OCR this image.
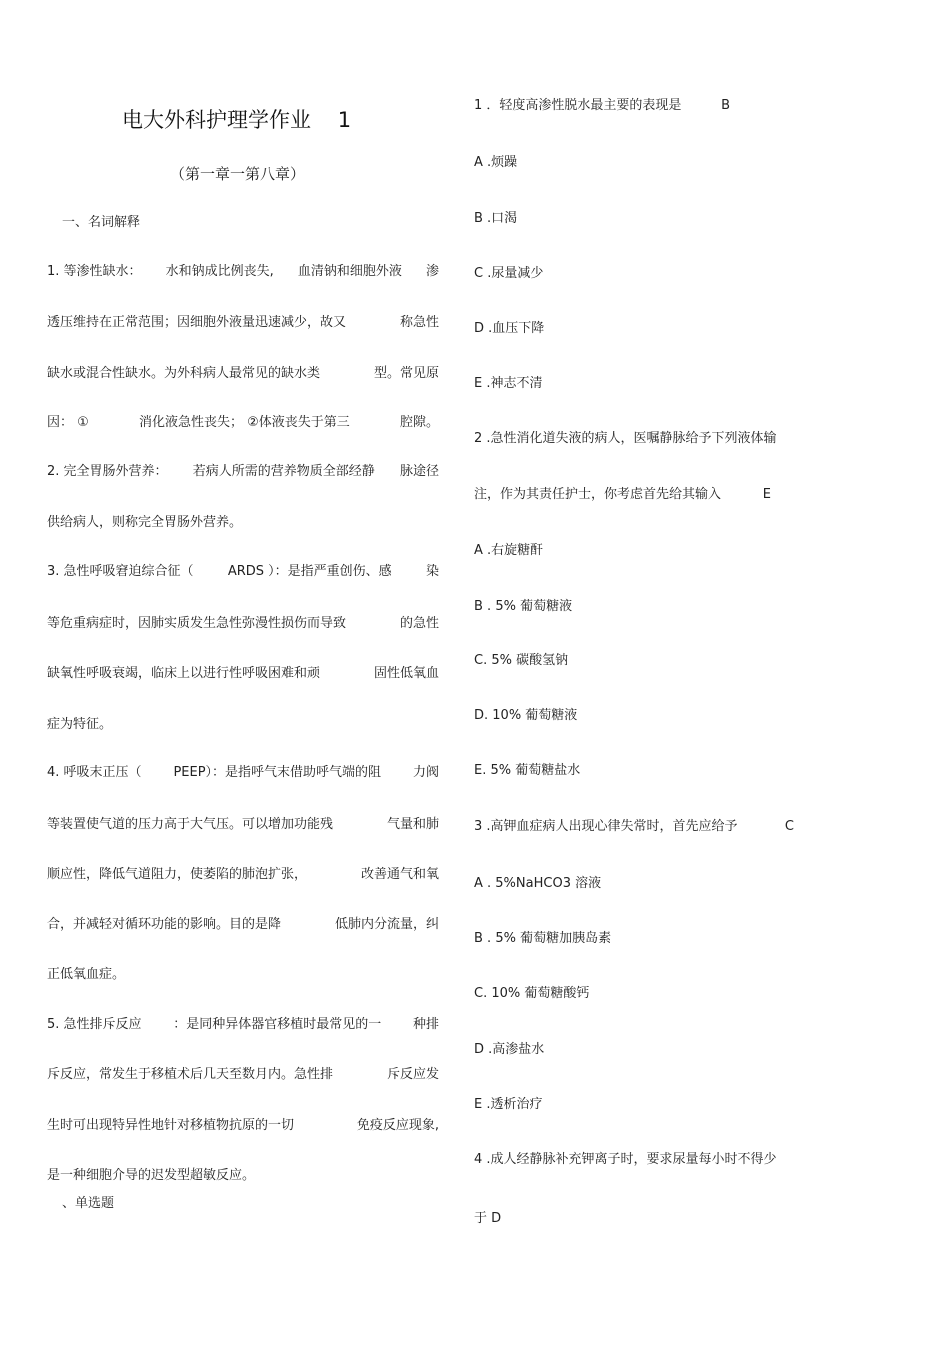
电大外科护理学作业 1
（第一章一第八章）
一、名词解释
1. 等渗性缺水： 水和钠成比例丧失, 血清钠和细胞外液 渗
透压维持在正常范围；因细胞外液量迅速减少，故又	称急性
缺水或混合性缺水。为外科病人最常见的缺水类	型。常见原
因： ①	消化液急性丧失； ②体液丧失于第三	腔隙。
2. 完全胃肠外营养： 若病人所需的营养物质全部经静 脉途径
供给病人，则称完全胃肠外营养。
3. 急性呼吸窘迫综合征（	ARDS ）：是指严重创伤、感	染
等危重病症时，因肺实质发生急性弥漫性损伤而导致	的急性
缺氧性呼吸衰竭，临床上以进行性呼吸困难和顽	固性低氧血
症为特征。
4. 呼吸末正压（ PEEP）：是指呼气末借助呼气端的阻 力阀
等装置使气道的压力高于大气压。可以增加功能残	气量和肺
顺应性，降低气道阻力，使萎陷的肺泡扩张，	改善通气和氧
合，并减轻对循环功能的影响。目的是降	低肺内分流量，纠
正低氧血症。
5. 急性排斥反应 ：是同种异体器官移植时最常见的一 种排
斥反应，常发生于移植术后几天至数月内。急性排	斥反应发
生时可出现特异性地针对移植物抗原的一切	免疫反应现象,
是一种细胞介导的迟发型超敏反应。
、单选题
1 ．轻度高渗性脱水最主要的表现是	B
A .烦躁
B .口渴
C .尿量减少
D .血压下降
E .神志不清
2 .急性消化道失液的病人，医嘱静脉给予下列液体输
注，作为其责任护士，你考虑首先给其输入	E
A .右旋糖酐
B . 5% 葡萄糖液
C. 5% 碳酸氢钠
D. 10% 葡萄糖液
E. 5% 葡萄糖盐水
3 .高钾血症病人出现心律失常时，首先应给予	C
A . 5%NaHCO3 溶液
B . 5% 葡萄糖加胰岛素
C. 10% 葡萄糖酸钙
D .高渗盐水
E .透析治疗
4 .成人经静脉补充钾离子时，要求尿量每小时不得少
于 D
